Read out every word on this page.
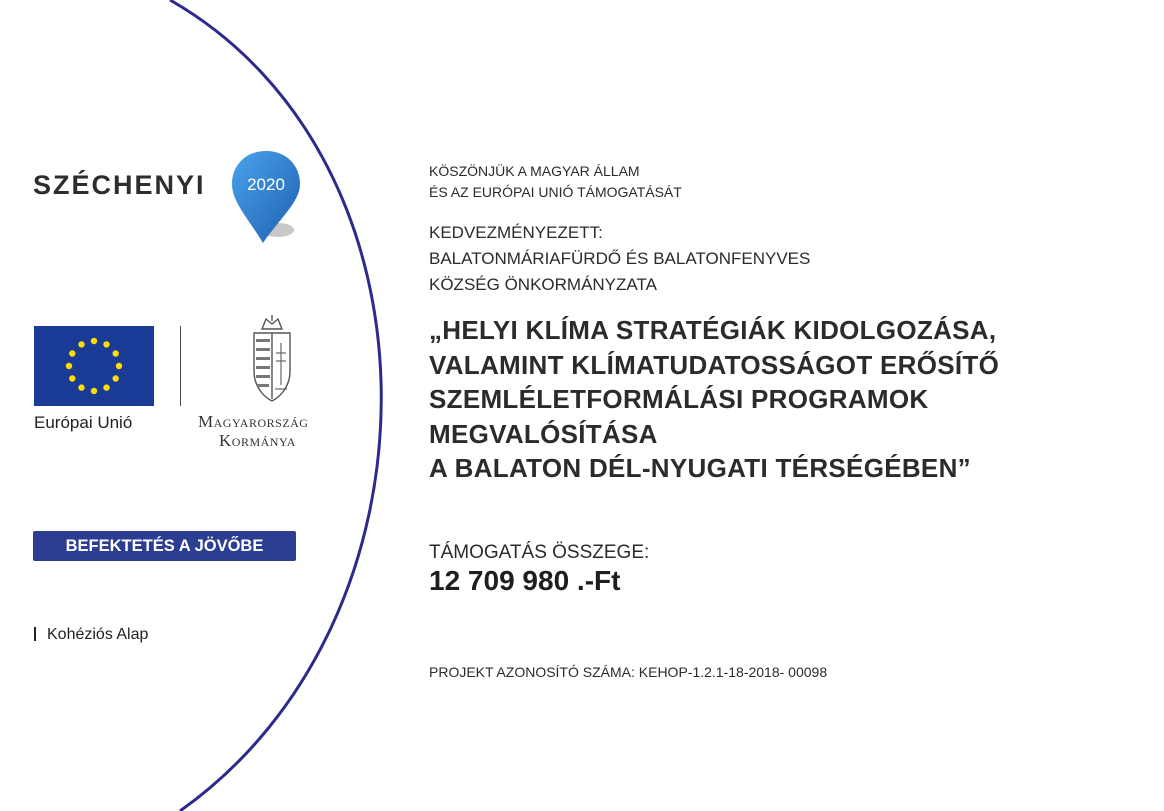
SZÉCHENYI 2020
Európai Unió	Magyarország
Kormánya
BEFEKTETÉS A JÖVŐBE
Kohéziós Alap
KÖSZÖNJÜK A MAGYAR ÁLLAM
ÉS AZ EURÓPAI UNIÓ TÁMOGATÁSÁT
KEDVEZMÉNYEZETT:
BALATONMÁRIAFÜRDŐ ÉS BALATONFENYVES
KÖZSÉG ÖNKORMÁNYZATA
„HELYI KLÍMA STRATÉGIÁK KIDOLGOZÁSA,
VALAMINT KLÍMATUDATOSSÁGOT ERŐSÍTŐ
SZEMLÉLETFORMÁLÁSI PROGRAMOK
MEGVALÓSÍTÁSA
A BALATON DÉL-NYUGATI TÉRSÉGÉBEN”
TÁMOGATÁS ÖSSZEGE:
12 709 980 .-Ft
PROJEKT AZONOSÍTÓ SZÁMA: KEHOP-1.2.1-18-2018- 00098
